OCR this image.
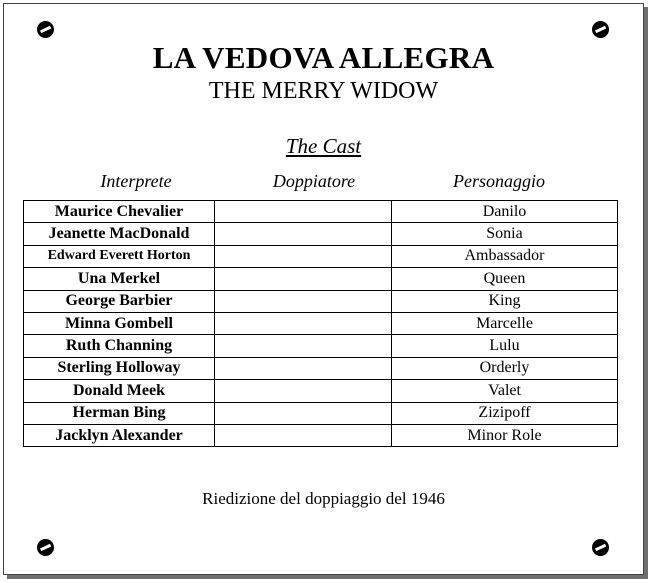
LA VEDOVA ALLEGRA
THE MERRY WIDOW
The Cast
Interprete	Doppiatore	Personaggio
Maurice Chevalier		Danilo
Jeanette MacDonald		Sonia
Edward Everett Horton		Ambassador
Una Merkel		Queen
George Barbier		King
Minna Gombell		Marcelle
Ruth Channing		Lulu
Sterling Holloway		Orderly
Donald Meek		Valet
Herman Bing		Zizipoff
Jacklyn Alexander		Minor Role
Riedizione del doppiaggio del 1946
